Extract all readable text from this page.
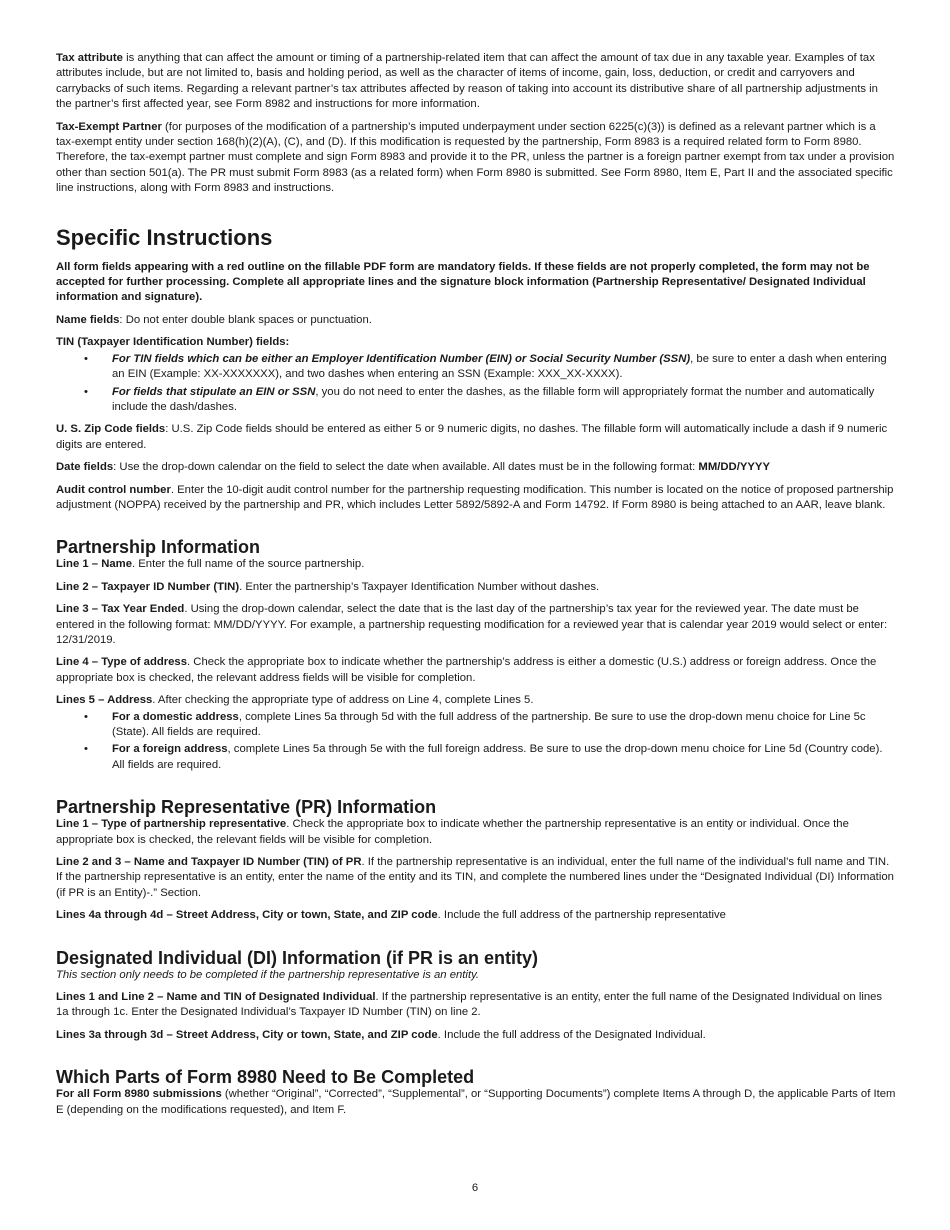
Tax attribute is anything that can affect the amount or timing of a partnership-related item that can affect the amount of tax due in any taxable year. Examples of tax attributes include, but are not limited to, basis and holding period, as well as the character of items of income, gain, loss, deduction, or credit and carryovers and carrybacks of such items. Regarding a relevant partner’s tax attributes affected by reason of taking into account its distributive share of all partnership adjustments in the partner’s first affected year, see Form 8982 and instructions for more information.

Tax-Exempt Partner (for purposes of the modification of a partnership’s imputed underpayment under section 6225(c)(3)) is defined as a relevant partner which is a tax-exempt entity under section 168(h)(2)(A), (C), and (D). If this modification is requested by the partnership, Form 8983 is a required related form to Form 8980. Therefore, the tax-exempt partner must complete and sign Form 8983 and provide it to the PR, unless the partner is a foreign partner exempt from tax under a provision other than section 501(a). The PR must submit Form 8983 (as a related form) when Form 8980 is submitted. See Form 8980, Item E, Part II and the associated specific line instructions, along with Form 8983 and instructions.

Specific Instructions

All form fields appearing with a red outline on the fillable PDF form are mandatory fields. If these fields are not properly completed, the form may not be accepted for further processing. Complete all appropriate lines and the signature block information (Partnership Representative/ Designated Individual information and signature).

Name fields: Do not enter double blank spaces or punctuation.

TIN (Taxpayer Identification Number) fields:

• For TIN fields which can be either an Employer Identification Number (EIN) or Social Security Number (SSN), be sure to enter a dash when entering an EIN (Example: XX-XXXXXXX), and two dashes when entering an SSN (Example: XXX_XX-XXXX).
• For fields that stipulate an EIN or SSN, you do not need to enter the dashes, as the fillable form will appropriately format the number and automatically include the dash/dashes.

U. S. Zip Code fields: U.S. Zip Code fields should be entered as either 5 or 9 numeric digits, no dashes. The fillable form will automatically include a dash if 9 numeric digits are entered.

Date fields: Use the drop-down calendar on the field to select the date when available. All dates must be in the following format: MM/DD/YYYY

Audit control number. Enter the 10-digit audit control number for the partnership requesting modification. This number is located on the notice of proposed partnership adjustment (NOPPA) received by the partnership and PR, which includes Letter 5892/5892-A and Form 14792. If Form 8980 is being attached to an AAR, leave blank.

Partnership Information

Line 1 – Name. Enter the full name of the source partnership.

Line 2 – Taxpayer ID Number (TIN). Enter the partnership’s Taxpayer Identification Number without dashes.

Line 3 – Tax Year Ended. Using the drop-down calendar, select the date that is the last day of the partnership’s tax year for the reviewed year. The date must be entered in the following format: MM/DD/YYYY. For example, a partnership requesting modification for a reviewed year that is calendar year 2019 would select or enter: 12/31/2019.

Line 4 – Type of address. Check the appropriate box to indicate whether the partnership’s address is either a domestic (U.S.) address or foreign address. Once the appropriate box is checked, the relevant address fields will be visible for completion.

Lines 5 – Address. After checking the appropriate type of address on Line 4, complete Lines 5.

• For a domestic address, complete Lines 5a through 5d with the full address of the partnership. Be sure to use the drop-down menu choice for Line 5c (State). All fields are required.
• For a foreign address, complete Lines 5a through 5e with the full foreign address. Be sure to use the drop-down menu choice for Line 5d (Country code). All fields are required.
Partnership Representative (PR) Information

Line 1 – Type of partnership representative. Check the appropriate box to indicate whether the partnership representative is an entity or individual. Once the appropriate box is checked, the relevant fields will be visible for completion.

Line 2 and 3 – Name and Taxpayer ID Number (TIN) of PR. If the partnership representative is an individual, enter the full name of the individual’s full name and TIN. If the partnership representative is an entity, enter the name of the entity and its TIN, and complete the numbered lines under the “Designated Individual (DI) Information (if PR is an Entity)-.” Section.

Lines 4a through 4d – Street Address, City or town, State, and ZIP code. Include the full address of the partnership representative

Designated Individual (DI) Information (if PR is an entity)

This section only needs to be completed if the partnership representative is an entity.

Lines 1 and Line 2 – Name and TIN of Designated Individual. If the partnership representative is an entity, enter the full name of the Designated Individual on lines 1a through 1c. Enter the Designated Individual’s Taxpayer ID Number (TIN) on line 2.

Lines 3a through 3d – Street Address, City or town, State, and ZIP code. Include the full address of the Designated Individual.

Which Parts of Form 8980 Need to Be Completed

For all Form 8980 submissions (whether “Original”, “Corrected”, “Supplemental”, or “Supporting Documents”) complete Items A through D, the applicable Parts of Item E (depending on the modifications requested), and Item F.

6
